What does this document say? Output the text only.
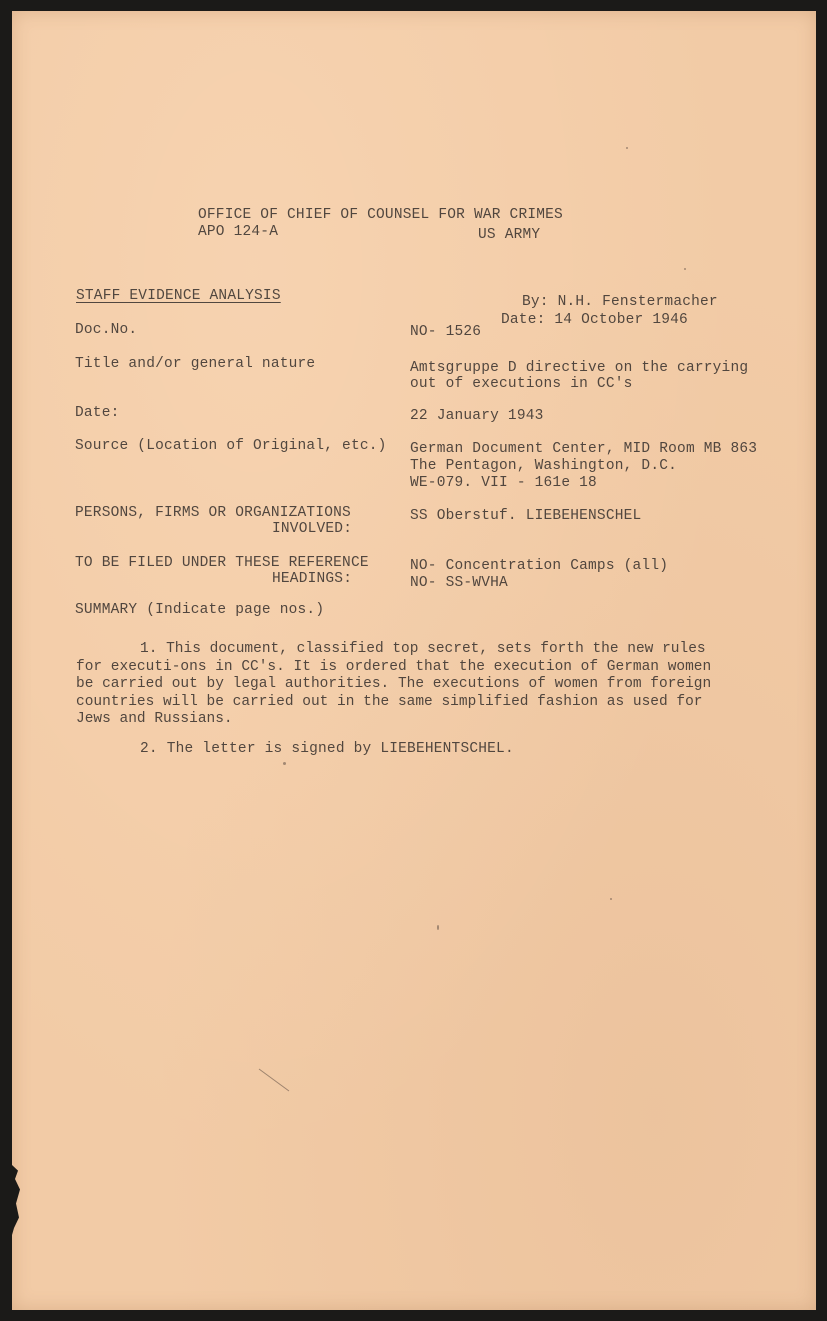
OFFICE OF CHIEF OF COUNSEL FOR WAR CRIMES
APO 124-A	US ARMY
STAFF EVIDENCE ANALYSIS	By: N.H. Fenstermacher
Date: 14 October 1946
Doc.No.	NO- 1526
Title and/or general nature	Amtsgruppe D directive on the carrying
out of executions in CC's
Date:	22 January 1943
Source (Location of Original, etc.) German Document Center, MID Room MB 863
The Pentagon, Washington, D.C.
WE-079. VII - 161e 18
PERSONS, FIRMS OR ORGANIZATIONS
INVOLVED:
SS Oberstuf. LIEBEHENSCHEL
TO BE FILED UNDER THESE REFERENCE
HEADINGS:
NO- Concentration Camps (all)
NO- SS-WVHA
SUMMARY (Indicate page nos.)
1. This document, classified top secret, sets forth the new rules for executi-ons in CC's. It is ordered that the execution of German women be carried out by legal authorities. The executions of women from foreign countries will be carried out in the same simplified fashion as used for Jews and Russians.
2. The letter is signed by LIEBEHENTSCHEL.
